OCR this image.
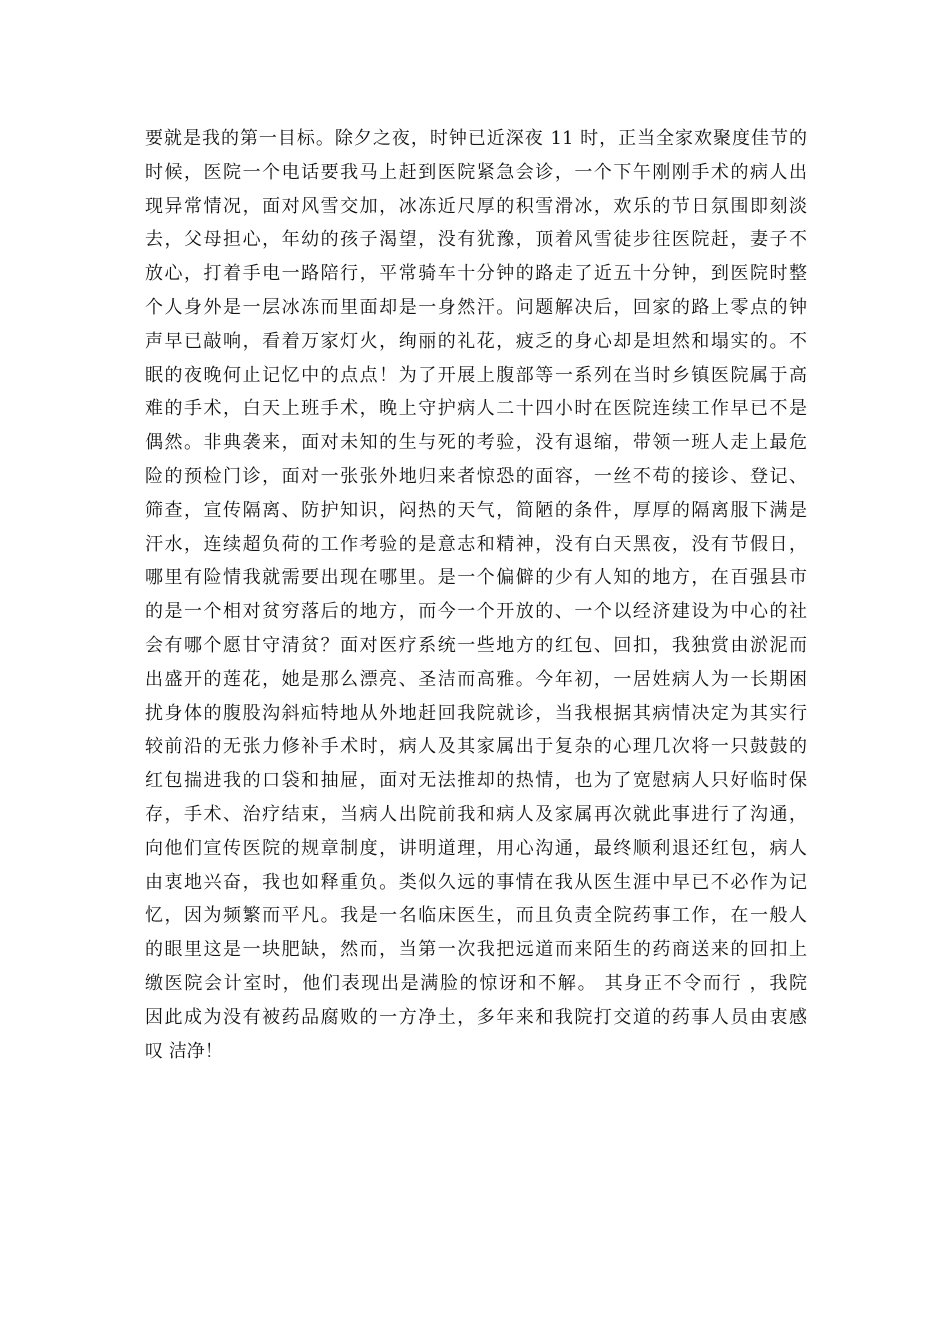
要就是我的第一目标。除夕之夜，时钟已近深夜 11 时，正当全家欢聚度佳节的
时候，医院一个电话要我马上赶到医院紧急会诊，一个下午刚刚手术的病人出
现异常情况，面对风雪交加，冰冻近尺厚的积雪滑冰，欢乐的节日氛围即刻淡
去，父母担心，年幼的孩子渴望，没有犹豫，顶着风雪徒步往医院赶，妻子不
放心，打着手电一路陪行，平常骑车十分钟的路走了近五十分钟，到医院时整
个人身外是一层冰冻而里面却是一身然汗。问题解决后，回家的路上零点的钟
声早已敲响，看着万家灯火，绚丽的礼花，疲乏的身心却是坦然和塌实的。不
眠的夜晚何止记忆中的点点！为了开展上腹部等一系列在当时乡镇医院属于高
难的手术，白天上班手术，晚上守护病人二十四小时在医院连续工作早已不是
偶然。非典袭来，面对未知的生与死的考验，没有退缩，带领一班人走上最危
险的预检门诊，面对一张张外地归来者惊恐的面容，一丝不苟的接诊、登记、
筛查，宣传隔离、防护知识，闷热的天气，简陋的条件，厚厚的隔离服下满是
汗水，连续超负荷的工作考验的是意志和精神，没有白天黑夜，没有节假日，
哪里有险情我就需要出现在哪里。是一个偏僻的少有人知的地方，在百强县市
的是一个相对贫穷落后的地方，而今一个开放的、一个以经济建设为中心的社
会有哪个愿甘守清贫？面对医疗系统一些地方的红包、回扣，我独赏由淤泥而
出盛开的莲花，她是那么漂亮、圣洁而高雅。今年初，一居姓病人为一长期困
扰身体的腹股沟斜疝特地从外地赶回我院就诊，当我根据其病情决定为其实行
较前沿的无张力修补手术时，病人及其家属出于复杂的心理几次将一只鼓鼓的
红包揣进我的口袋和抽屉，面对无法推却的热情，也为了宽慰病人只好临时保
存，手术、治疗结束，当病人出院前我和病人及家属再次就此事进行了沟通，
向他们宣传医院的规章制度，讲明道理，用心沟通，最终顺利退还红包，病人
由衷地兴奋，我也如释重负。类似久远的事情在我从医生涯中早已不必作为记
忆，因为频繁而平凡。我是一名临床医生，而且负责全院药事工作，在一般人
的眼里这是一块肥缺，然而，当第一次我把远道而来陌生的药商送来的回扣上
缴医院会计室时，他们表现出是满脸的惊讶和不解。 其身正不令而行 ，我院
因此成为没有被药品腐败的一方净土，多年来和我院打交道的药事人员由衷感
叹 洁净！
